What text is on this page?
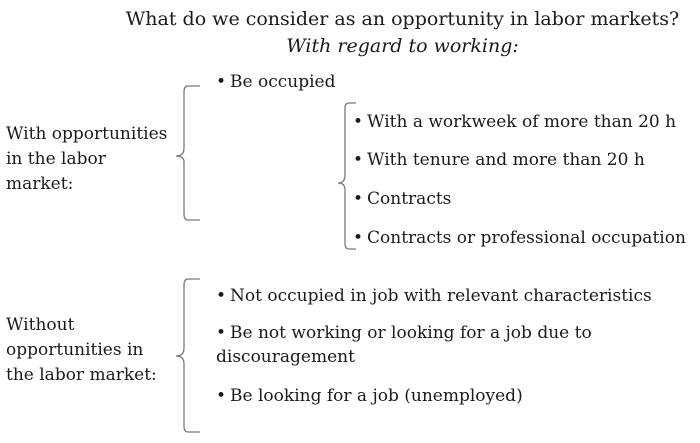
What do we consider as an opportunity in labor markets?
With regard to working:
With opportunities
in the labor
market:
• Be occupied
• With a workweek of more than 20 h
• With tenure and more than 20 h
• Contracts
• Contracts or professional occupation
Without
opportunities in
the labor market:
• Not occupied in job with relevant characteristics
• Be not working or looking for a job due to discouragement
• Be looking for a job (unemployed)
